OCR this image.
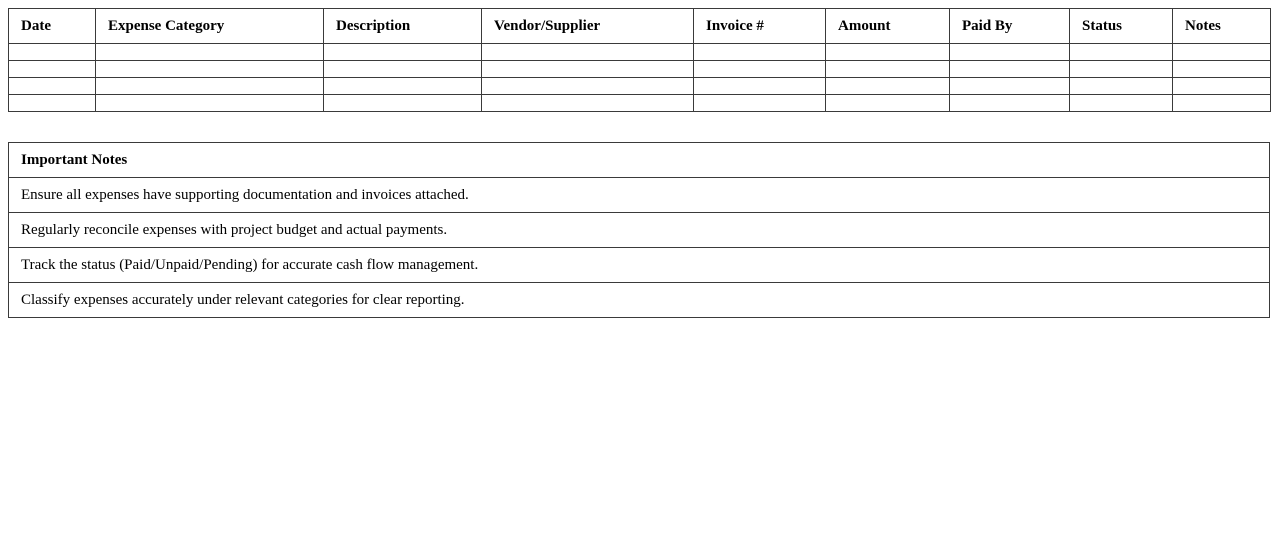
Date	Expense Category	Description	Vendor/Supplier	Invoice #	Amount	Paid By	Status	Notes

Important Notes
Ensure all expenses have supporting documentation and invoices attached.
Regularly reconcile expenses with project budget and actual payments.
Track the status (Paid/Unpaid/Pending) for accurate cash flow management.
Classify expenses accurately under relevant categories for clear reporting.
